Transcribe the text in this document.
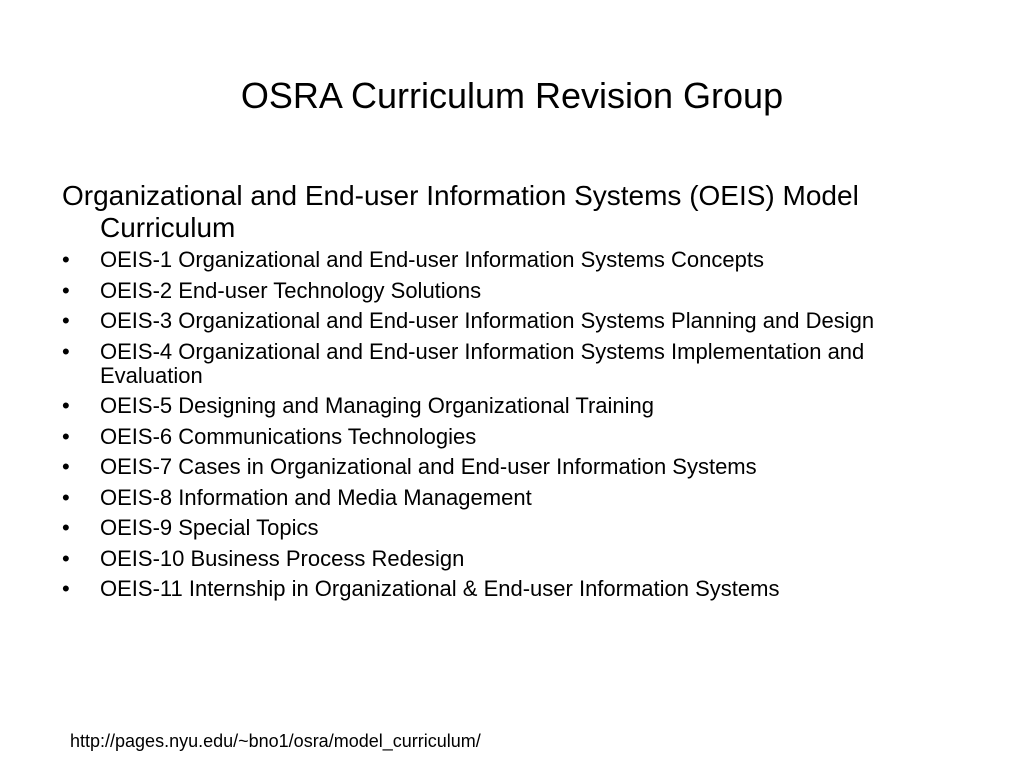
OSRA Curriculum Revision Group
Organizational and End-user Information Systems (OEIS) Model Curriculum
•	OEIS-1 Organizational and End-user Information Systems Concepts
•	OEIS-2 End-user Technology Solutions
•	OEIS-3 Organizational and End-user Information Systems Planning and Design
•	OEIS-4 Organizational and End-user Information Systems Implementation and Evaluation
•	OEIS-5 Designing and Managing Organizational Training
•	OEIS-6 Communications Technologies
•	OEIS-7 Cases in Organizational and End-user Information Systems
•	OEIS-8 Information and Media Management
•	OEIS-9 Special Topics
•	OEIS-10 Business Process Redesign
•	OEIS-11 Internship in Organizational & End-user Information Systems
http://pages.nyu.edu/~bno1/osra/model_curriculum/
